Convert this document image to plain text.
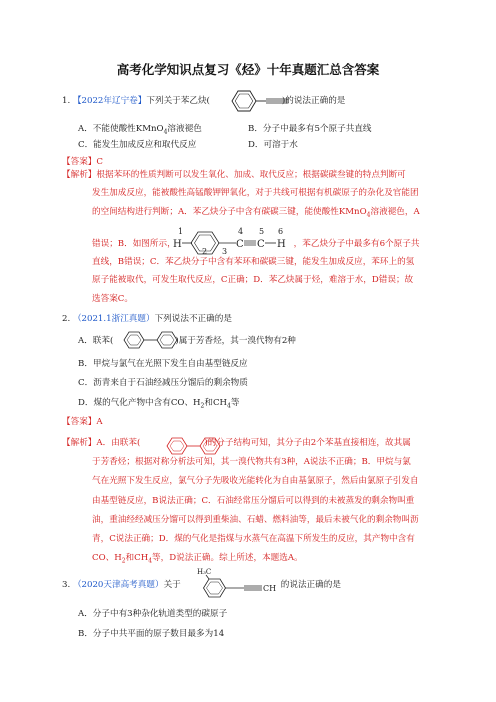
高考化学知识点复习《烃》十年真题汇总含答案
1. 【2022年辽宁卷】下列关于苯乙炔(	)的说法正确的是
A．不能使酸性KMnO$_4$溶液褪色	B．分子中最多有5个原子共直线
C．能发生加成反应和取代反应	D．可溶于水
【答案】C
【解析】根据苯环的性质判断可以发生氧化、加成、取代反应；根据碳碳叁键的特点判断可
发生加成反应，能被酸性高锰酸钾钾氧化，对于共线可根据有机碳原子的杂化及官能团
的空间结构进行判断；A．苯乙炔分子中含有碳碳三键，能使酸性KMnO$_4$溶液褪色，A
错误；B．如图所示，	，苯乙炔分子中最多有6个原子共
直线，B错误；C．苯乙炔分子中含有苯环和碳碳三键，能发生加成反应，苯环上的氢
原子能被取代，可发生取代反应，C正确；D．苯乙炔属于烃，难溶于水，D错误；故
选答案C。
1
H
2 3
4
C
5
C
6
H
2. （2021.1浙江真题）下列说法不正确的是
A．联苯(	)属于芳香烃，其一溴代物有2种
B．甲烷与氯气在光照下发生自由基型链反应
C．沥青来自于石油经减压分馏后的剩余物质
D．煤的气化产物中含有CO、$H_2$和$CH_4$等
【答案】A
【解析】A．由联苯(	)的分子结构可知，其分子由2个苯基直接相连，故其属
于芳香烃；根据对称分析法可知，其一溴代物共有3种，A说法不正确；B．甲烷与氯
气在光照下发生反应，氯气分子先吸收光能转化为自由基氯原子，然后由氯原子引发自
由基型链反应，B说法正确；C．石油经常压分馏后可以得到的未被蒸发的剩余物叫重
油，重油经经减压分馏可以得到重柴油、石蜡、燃料油等，最后未被气化的剩余物叫沥
青，C说法正确；D．煤的气化是指煤与水蒸气在高温下所发生的反应，其产物中含有
CO、$H_2$和$CH_4$等，D说法正确。综上所述，本题选A。
3. （2020天津高考真题）关于	的说法正确的是
H₃C
CH
A．分子中有3种杂化轨道类型的碳原子
B．分子中共平面的原子数目最多为14
